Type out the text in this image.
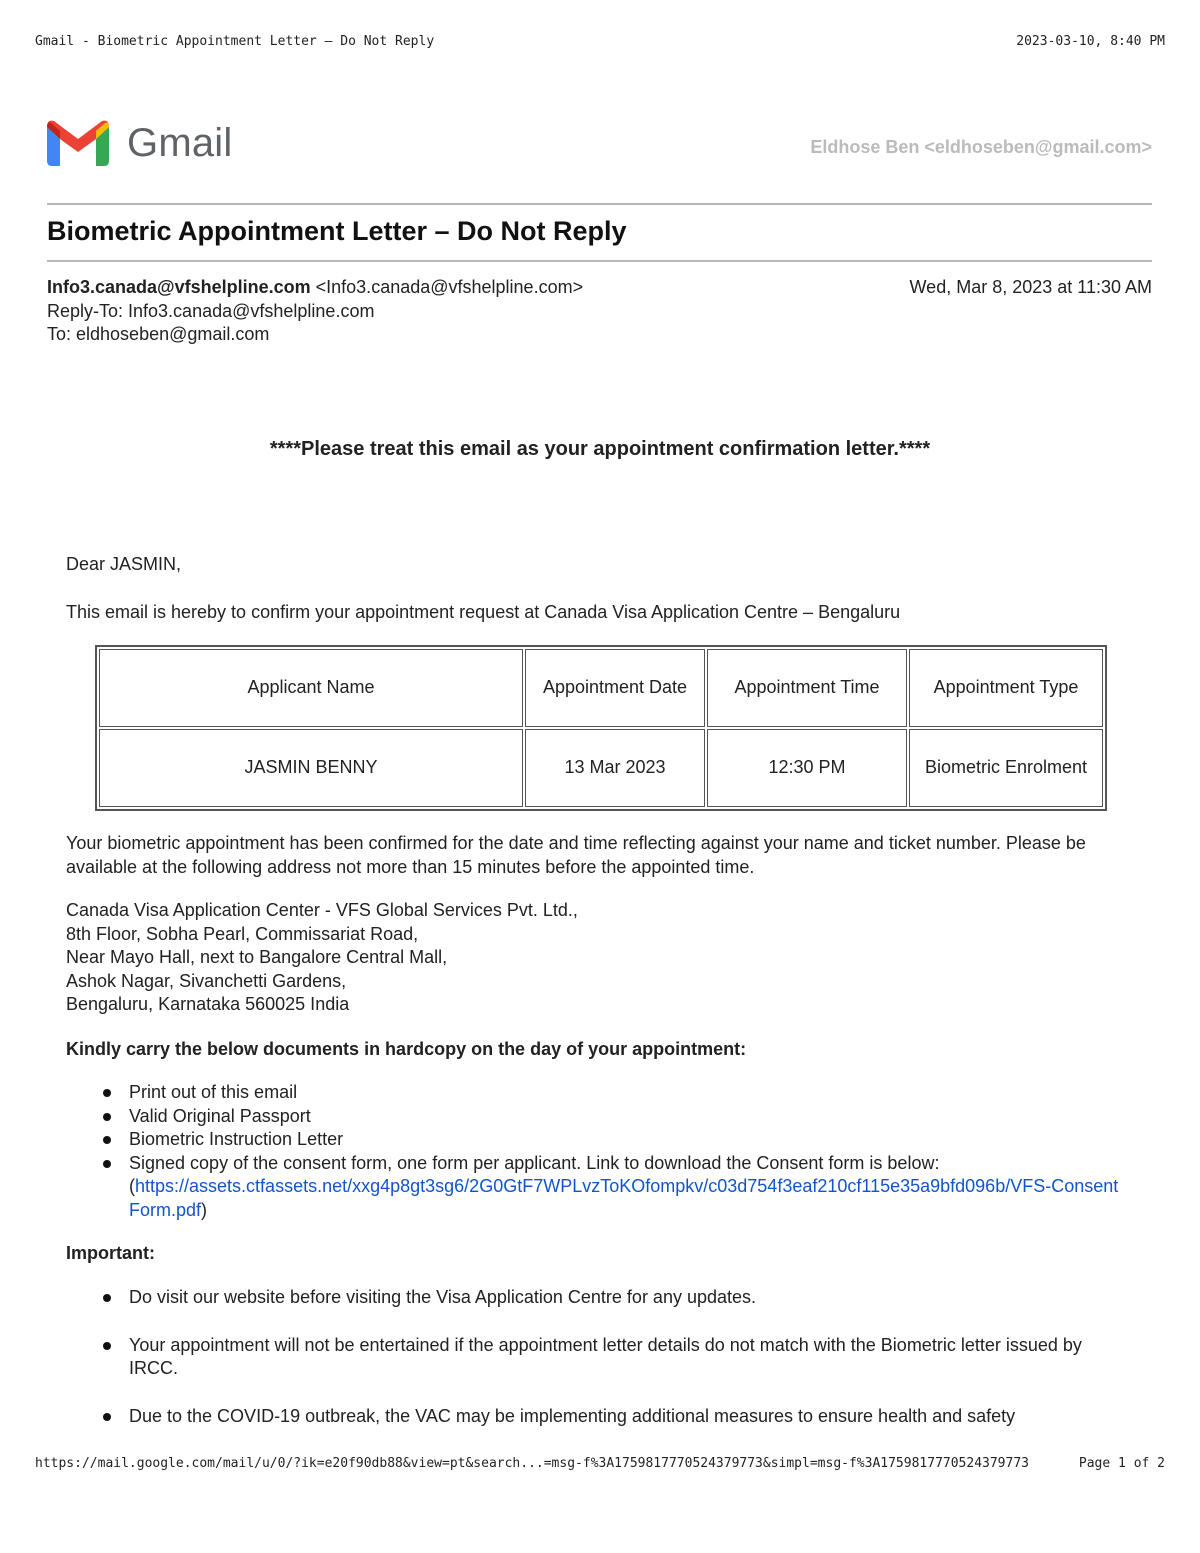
Gmail - Biometric Appointment Letter – Do Not Reply	2023-03-10, 8:40 PM
Gmail	Eldhose Ben <eldhoseben@gmail.com>
Biometric Appointment Letter – Do Not Reply
Info3.canada@vfshelpline.com <Info3.canada@vfshelpline.com>	Wed, Mar 8, 2023 at 11:30 AM
Reply-To: Info3.canada@vfshelpline.com
To: eldhoseben@gmail.com
****Please treat this email as your appointment confirmation letter.****
Dear JASMIN,
This email is hereby to confirm your appointment request at Canada Visa Application Centre – Bengaluru
Applicant Name	Appointment Date	Appointment Time	Appointment Type
JASMIN BENNY	13 Mar 2023	12:30 PM	Biometric Enrolment
Your biometric appointment has been confirmed for the date and time reflecting against your name and ticket number. Please be available at the following address not more than 15 minutes before the appointed time.
Canada Visa Application Center - VFS Global Services Pvt. Ltd.,
8th Floor, Sobha Pearl, Commissariat Road,
Near Mayo Hall, next to Bangalore Central Mall,
Ashok Nagar, Sivanchetti Gardens,
Bengaluru, Karnataka 560025 India
Kindly carry the below documents in hardcopy on the day of your appointment:
Print out of this email
Valid Original Passport
Biometric Instruction Letter
Signed copy of the consent form, one form per applicant. Link to download the Consent form is below:
(https://assets.ctfassets.net/xxg4p8gt3sg6/2G0GtF7WPLvzToKOfompkv/c03d754f3eaf210cf115e35a9bfd096b/VFS-ConsentForm.pdf)
Important:
Do visit our website before visiting the Visa Application Centre for any updates.
Your appointment will not be entertained if the appointment letter details do not match with the Biometric letter issued by IRCC.
Due to the COVID-19 outbreak, the VAC may be implementing additional measures to ensure health and safety
https://mail.google.com/mail/u/0/?ik=e20f90db88&view=pt&search...=msg-f%3A1759817770524379773&simpl=msg-f%3A1759817770524379773	Page 1 of 2
